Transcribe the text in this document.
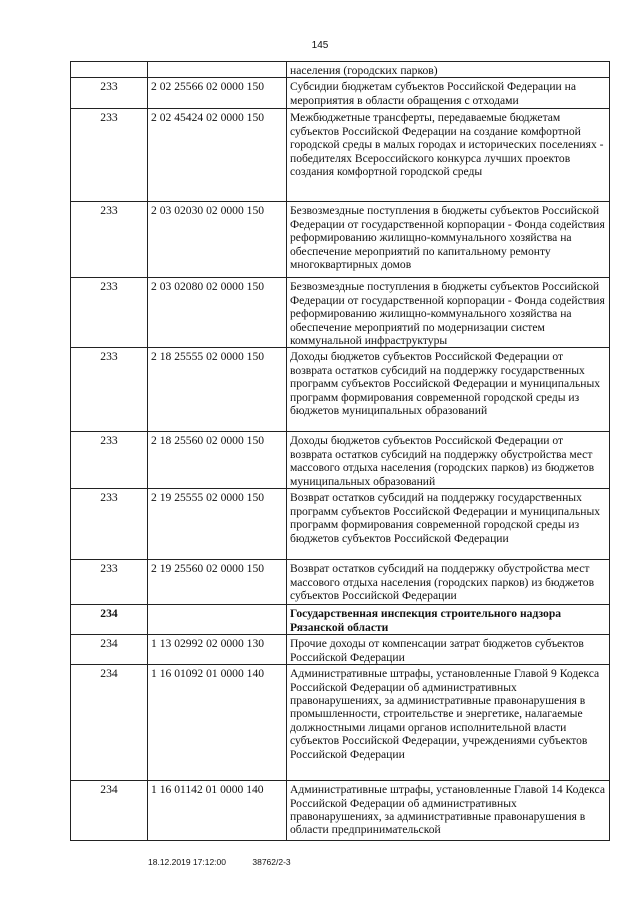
145
		населения (городских парков)
233	2 02 25566 02 0000 150	Субсидии бюджетам субъектов Российской Федерации на мероприятия в области обращения с отходами
233	2 02 45424 02 0000 150	Межбюджетные трансферты, передаваемые бюджетам субъектов Российской Федерации на создание комфортной городской среды в малых городах и исторических поселениях - победителях Всероссийского конкурса лучших проектов создания комфортной городской среды
233	2 03 02030 02 0000 150	Безвозмездные поступления в бюджеты субъектов Российской Федерации от государственной корпорации - Фонда содействия реформированию жилищно-коммунального хозяйства на обеспечение мероприятий по капитальному ремонту многоквартирных домов
233	2 03 02080 02 0000 150	Безвозмездные поступления в бюджеты субъектов Российской Федерации от государственной корпорации - Фонда содействия реформированию жилищно-коммунального хозяйства на обеспечение мероприятий по модернизации систем коммунальной инфраструктуры
233	2 18 25555 02 0000 150	Доходы бюджетов субъектов Российской Федерации от возврата остатков субсидий на поддержку государственных программ субъектов Российской Федерации и муниципальных программ формирования современной городской среды из бюджетов муниципальных образований
233	2 18 25560 02 0000 150	Доходы бюджетов субъектов Российской Федерации от возврата остатков субсидий на поддержку обустройства мест массового отдыха населения (городских парков) из бюджетов муниципальных образований
233	2 19 25555 02 0000 150	Возврат остатков субсидий на поддержку государственных программ субъектов Российской Федерации и муниципальных программ формирования современной городской среды из бюджетов субъектов Российской Федерации
233	2 19 25560 02 0000 150	Возврат остатков субсидий на поддержку обустройства мест массового отдыха населения (городских парков) из бюджетов субъектов Российской Федерации
234		Государственная инспекция строительного надзора Рязанской области
234	1 13 02992 02 0000 130	Прочие доходы от компенсации затрат бюджетов субъектов Российской Федерации
234	1 16 01092 01 0000 140	Административные штрафы, установленные Главой 9 Кодекса Российской Федерации об административных правонарушениях, за административные правонарушения в промышленности, строительстве и энергетике, налагаемые должностными лицами органов исполнительной власти субъектов Российской Федерации, учреждениями субъектов Российской Федерации
234	1 16 01142 01 0000 140	Административные штрафы, установленные Главой 14 Кодекса Российской Федерации об административных правонарушениях, за административные правонарушения в области предпринимательской
18.12.2019 17:12:00	38762/2-3
